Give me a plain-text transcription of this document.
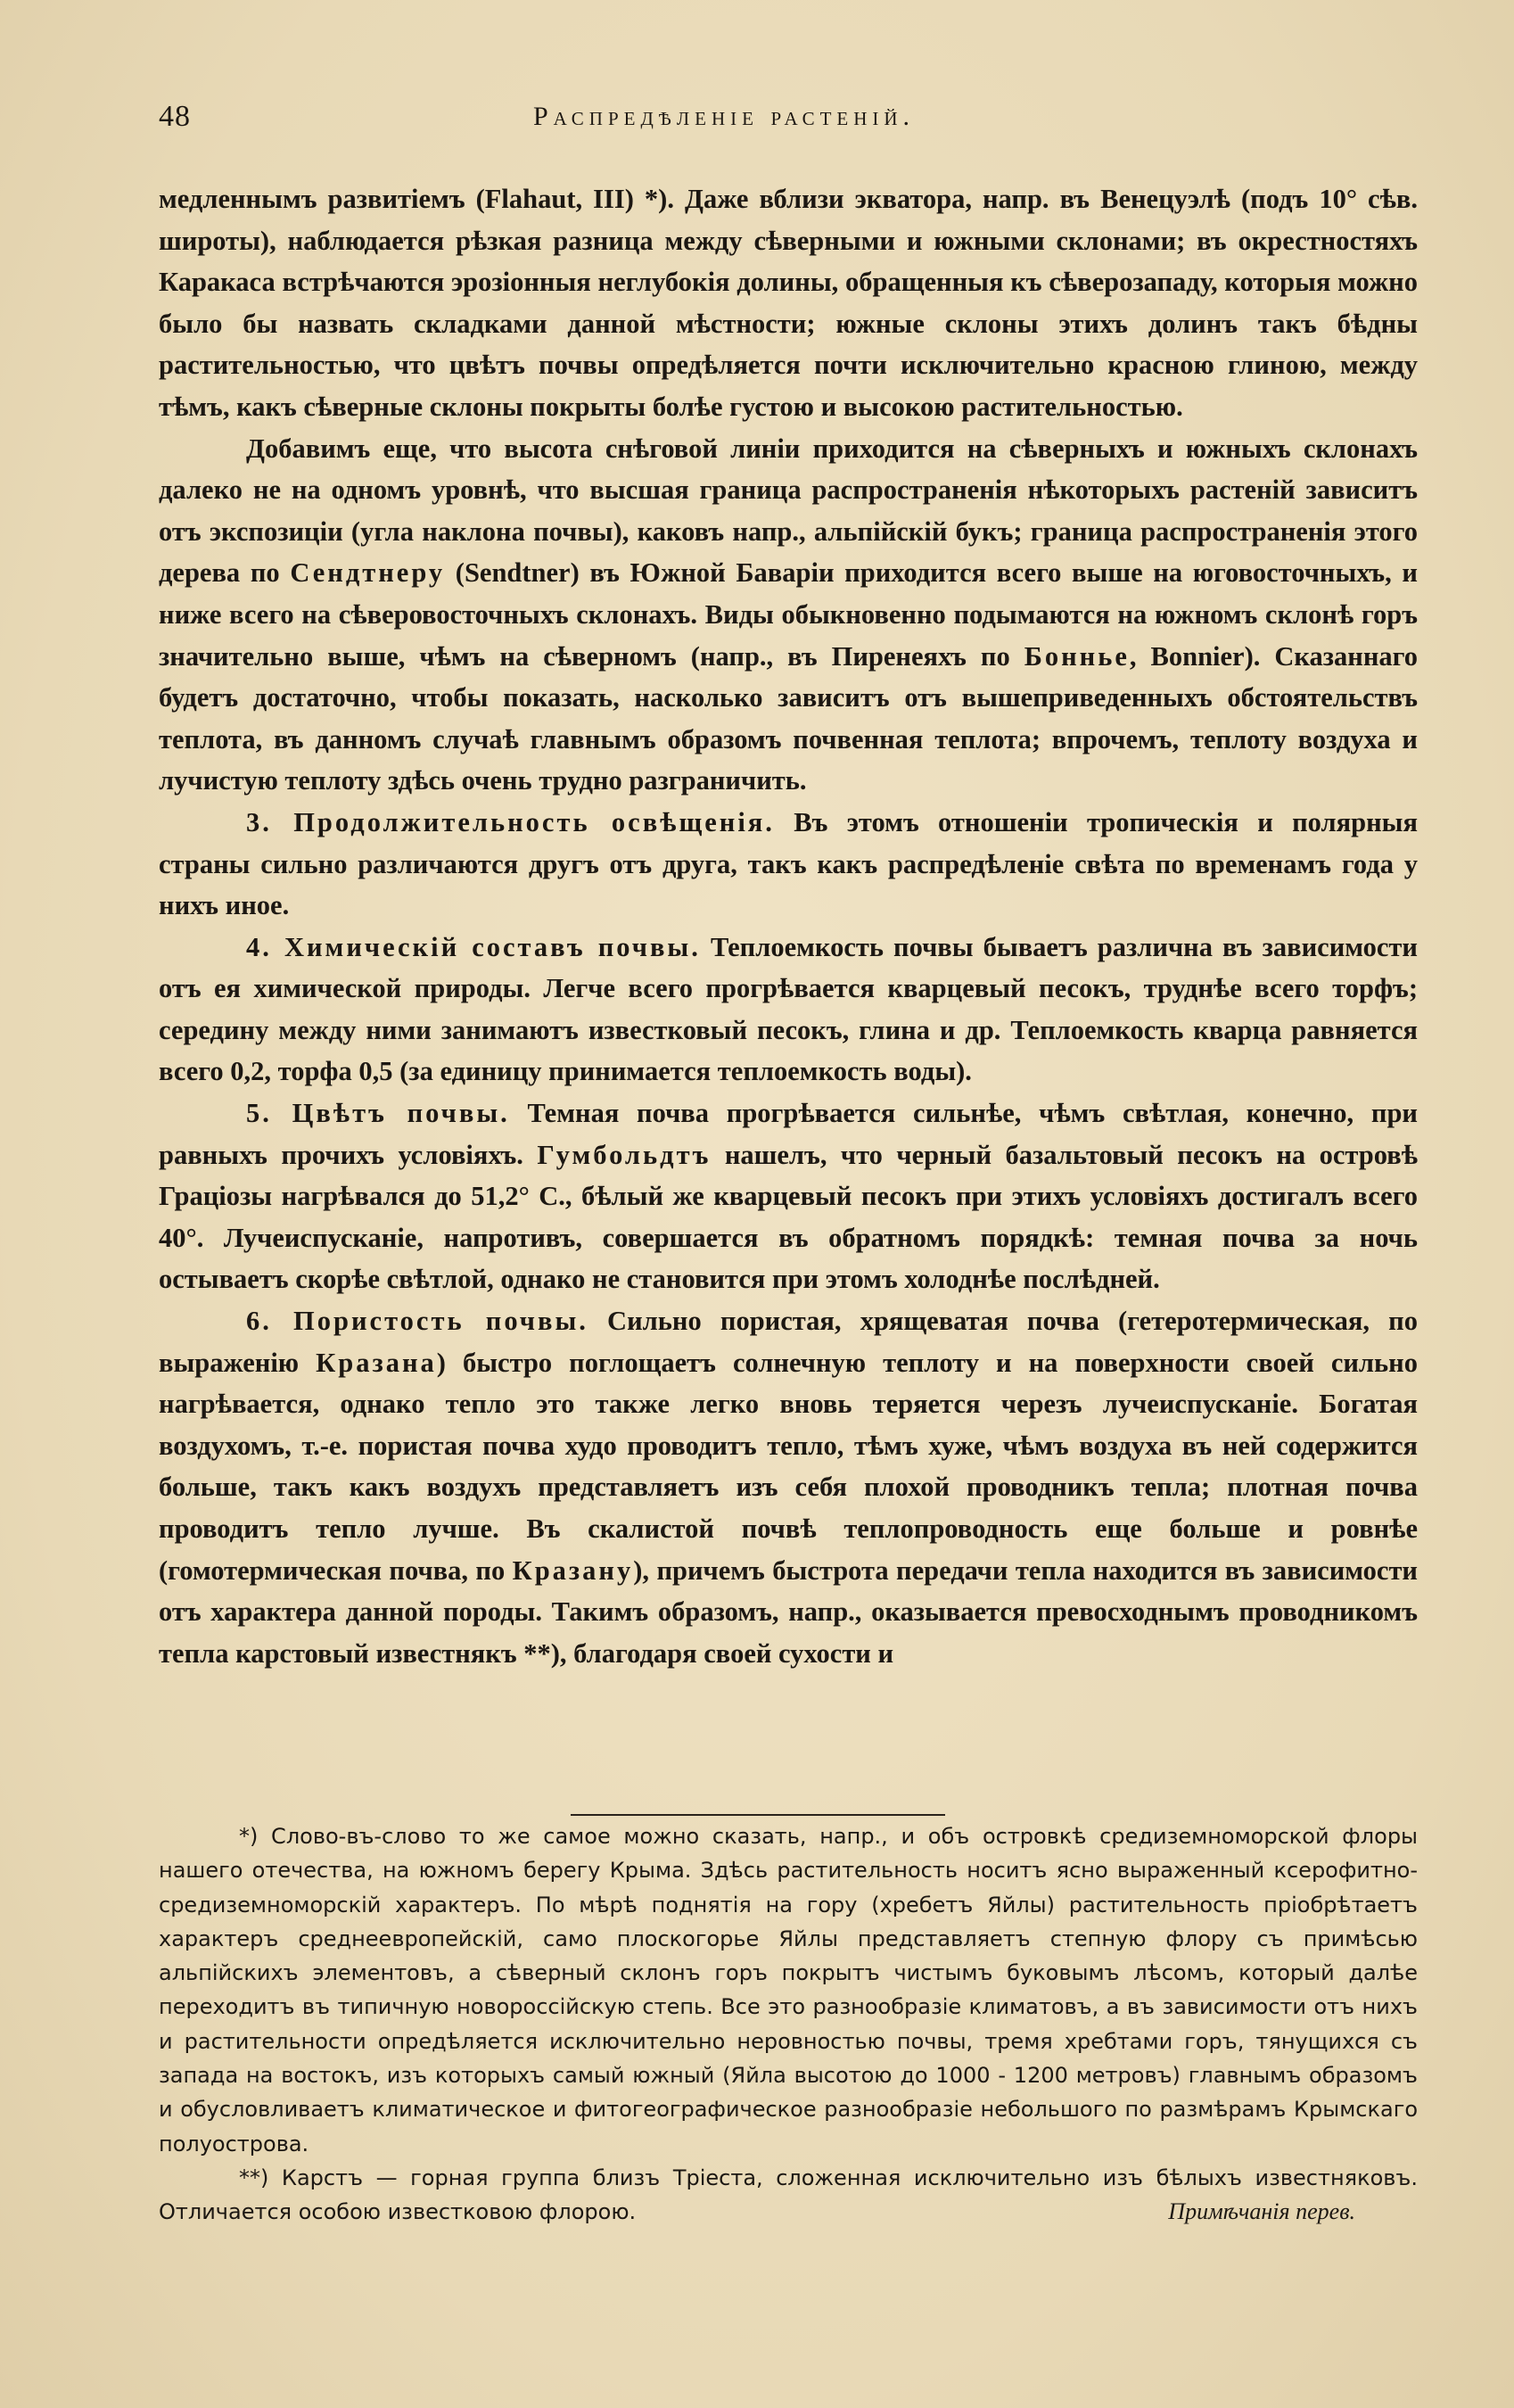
48	Распредѣленіе растеній.

медленнымъ развитіемъ (Flahaut, III) *). Даже вблизи экватора, напр. въ Венецуэлѣ (подъ 10° сѣв. широты), наблюдается рѣзкая разница между сѣверными и южными склонами; въ окрестностяхъ Каракаса встрѣчаются эрозіонныя неглубокія долины, обращенныя къ сѣверозападу, которыя можно было бы назвать складками данной мѣстности; южные склоны этихъ долинъ такъ бѣдны растительностью, что цвѣтъ почвы опредѣляется почти исключительно красною глиною, между тѣмъ, какъ сѣверные склоны покрыты болѣе густою и высокою растительностью.

Добавимъ еще, что высота снѣговой линіи приходится на сѣверныхъ и южныхъ склонахъ далеко не на одномъ уровнѣ, что высшая граница распространенія нѣкоторыхъ растеній зависитъ отъ экспозиціи (угла наклона почвы), каковъ напр., альпійскій букъ; граница распространенія этого дерева по Сендтнеру (Sendtner) въ Южной Баваріи приходится всего выше на юговосточныхъ, и ниже всего на сѣверовосточныхъ склонахъ. Виды обыкновенно подымаются на южномъ склонѣ горъ значительно выше, чѣмъ на сѣверномъ (напр., въ Пиренеяхъ по Бонньe, Bonnier). Сказаннаго будетъ достаточно, чтобы показать, насколько зависитъ отъ вышеприведенныхъ обстоятельствъ теплота, въ данномъ случаѣ главнымъ образомъ почвенная теплота; впрочемъ, теплоту воздуха и лучистую теплоту здѣсь очень трудно разграничить.

3. Продолжительность освѣщенія. Въ этомъ отношеніи тропическія и полярныя страны сильно различаются другъ отъ друга, такъ какъ распредѣленіе свѣта по временамъ года у нихъ иное.

4. Химическій составъ почвы. Теплоемкость почвы бываетъ различна въ зависимости отъ ея химической природы. Легче всего прогрѣвается кварцевый песокъ, труднѣе всего торфъ; середину между ними занимаютъ известковый песокъ, глина и др. Теплоемкость кварца равняется всего 0,2, торфа 0,5 (за единицу принимается теплоемкость воды).

5. Цвѣтъ почвы. Темная почва прогрѣвается сильнѣе, чѣмъ свѣтлая, конечно, при равныхъ прочихъ условіяхъ. Гумбольдтъ нашелъ, что черный базальтовый песокъ на островѣ Граціозы нагрѣвался до 51,2° С., бѣлый же кварцевый песокъ при этихъ условіяхъ достигалъ всего 40°. Лучеиспусканіе, напротивъ, совершается въ обратномъ порядкѣ: темная почва за ночь остываетъ скорѣе свѣтлой, однако не становится при этомъ холоднѣе послѣдней.

6. Пористость почвы. Сильно пористая, хрящеватая почва (гетеротермическая, по выраженію Кразана) быстро поглощаетъ солнечную теплоту и на поверхности своей сильно нагрѣвается, однако тепло это также легко вновь теряется черезъ лучеиспусканіе. Богатая воздухомъ, т.-е. пористая почва худо проводитъ тепло, тѣмъ хуже, чѣмъ воздуха въ ней содержится больше, такъ какъ воздухъ представляетъ изъ себя плохой проводникъ тепла; плотная почва проводитъ тепло лучше. Въ скалистой почвѣ теплопроводность еще больше и ровнѣе (гомотермическая почва, по Кразану), причемъ быстрота передачи тепла находится въ зависимости отъ характера данной породы. Такимъ образомъ, напр., оказывается превосходнымъ проводникомъ тепла карстовый известнякъ **), благодаря своей сухости и

*) Слово-въ-слово то же самое можно сказать, напр., и объ островкѣ средиземноморской флоры нашего отечества, на южномъ берегу Крыма. Здѣсь растительность носитъ ясно выраженный ксерофитно-средиземноморскій характеръ. По мѣрѣ поднятія на гору (хребетъ Яйлы) растительность пріобрѣтаетъ характеръ среднеевропейскій, само плоскогорье Яйлы представляетъ степную флору съ примѣсью альпійскихъ элементовъ, а сѣверный склонъ горъ покрытъ чистымъ буковымъ лѣсомъ, который далѣе переходитъ въ типичную новороссійскую степь. Все это разнообразіе климатовъ, а въ зависимости отъ нихъ и растительности опредѣляется исключительно неровностью почвы, тремя хребтами горъ, тянущихся съ запада на востокъ, изъ которыхъ самый южный (Яйла высотою до 1000 - 1200 метровъ) главнымъ образомъ и обусловливаетъ климатическое и фитогеографическое разнообразіе небольшого по размѣрамъ Крымскаго полуострова.

**) Карстъ — горная группа близъ Тріеста, сложенная исключительно изъ бѣлыхъ известняковъ. Отличается особою известковою флорою.	Примѣчанія перев.
